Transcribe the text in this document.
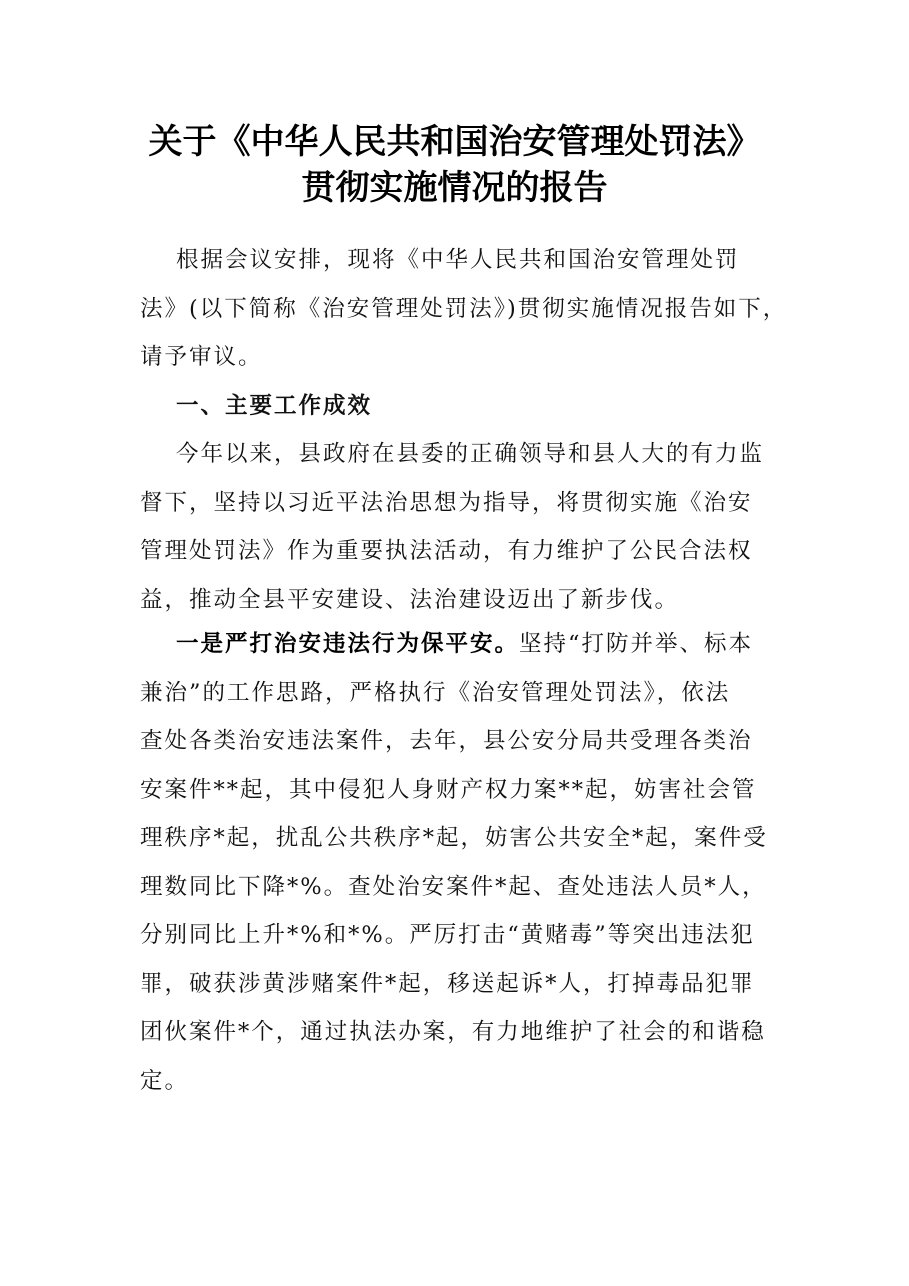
关于《中华人民共和国治安管理处罚法》
贯彻实施情况的报告
根据会议安排，现将《中华人民共和国治安管理处罚
法》(以下简称《治安管理处罚法》)贯彻实施情况报告如下，
请予审议。
一、主要工作成效
今年以来，县政府在县委的正确领导和县人大的有力监
督下，坚持以习近平法治思想为指导，将贯彻实施《治安
管理处罚法》作为重要执法活动，有力维护了公民合法权
益，推动全县平安建设、法治建设迈出了新步伐。
一是严打治安违法行为保平安。坚持“打防并举、标本
兼治”的工作思路，严格执行《治安管理处罚法》，依法
查处各类治安违法案件，去年，县公安分局共受理各类治
安案件**起，其中侵犯人身财产权力案**起，妨害社会管
理秩序*起，扰乱公共秩序*起，妨害公共安全*起，案件受
理数同比下降*%。查处治安案件*起、查处违法人员*人，
分别同比上升*%和*%。严厉打击“黄赌毒”等突出违法犯
罪，破获涉黄涉赌案件*起，移送起诉*人，打掉毒品犯罪
团伙案件*个，通过执法办案，有力地维护了社会的和谐稳
定。
